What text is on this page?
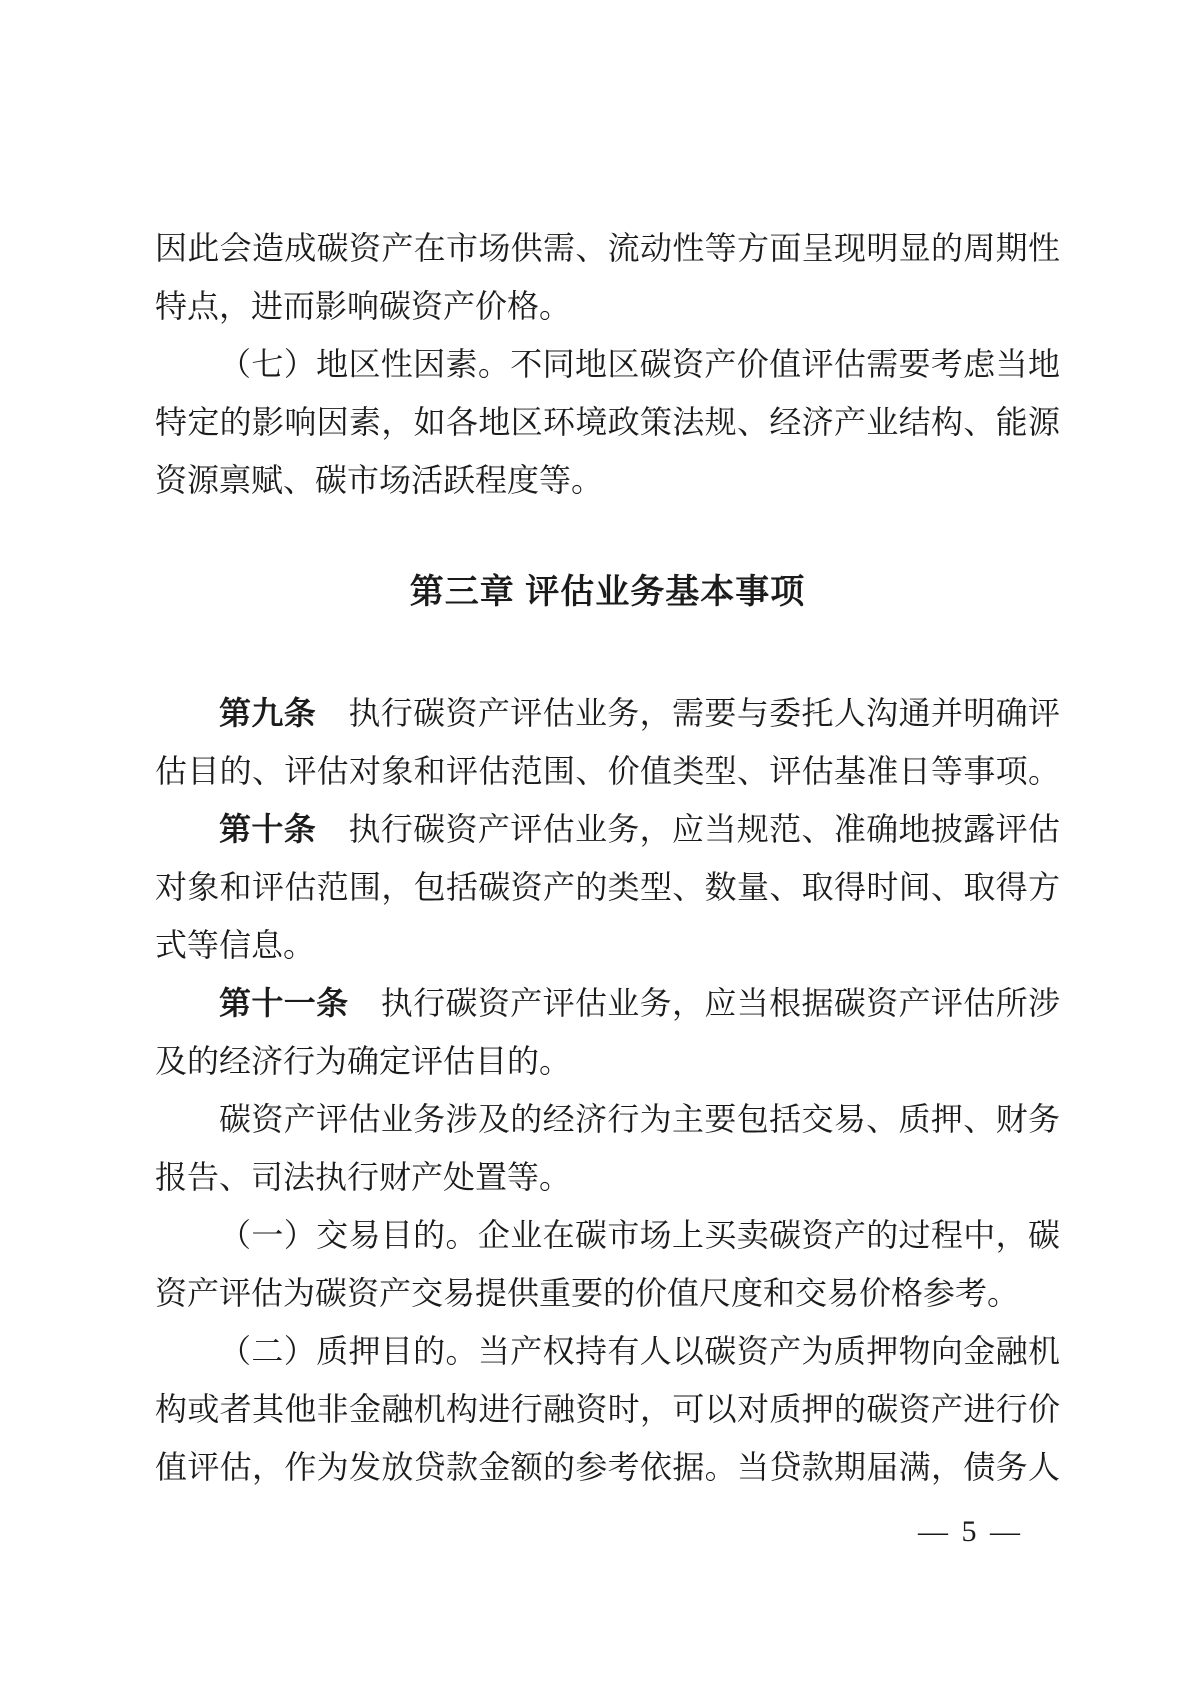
因此会造成碳资产在市场供需、流动性等方面呈现明显的周期性
特点，进而影响碳资产价格。
（七）地区性因素。不同地区碳资产价值评估需要考虑当地
特定的影响因素，如各地区环境政策法规、经济产业结构、能源
资源禀赋、碳市场活跃程度等。
第三章 评估业务基本事项
第九条　执行碳资产评估业务，需要与委托人沟通并明确评
估目的、评估对象和评估范围、价值类型、评估基准日等事项。
第十条　执行碳资产评估业务，应当规范、准确地披露评估
对象和评估范围，包括碳资产的类型、数量、取得时间、取得方
式等信息。
第十一条　执行碳资产评估业务，应当根据碳资产评估所涉
及的经济行为确定评估目的。
碳资产评估业务涉及的经济行为主要包括交易、质押、财务
报告、司法执行财产处置等。
（一）交易目的。企业在碳市场上买卖碳资产的过程中，碳
资产评估为碳资产交易提供重要的价值尺度和交易价格参考。
（二）质押目的。当产权持有人以碳资产为质押物向金融机
构或者其他非金融机构进行融资时，可以对质押的碳资产进行价
值评估，作为发放贷款金额的参考依据。当贷款期届满，债务人
— 5 —
